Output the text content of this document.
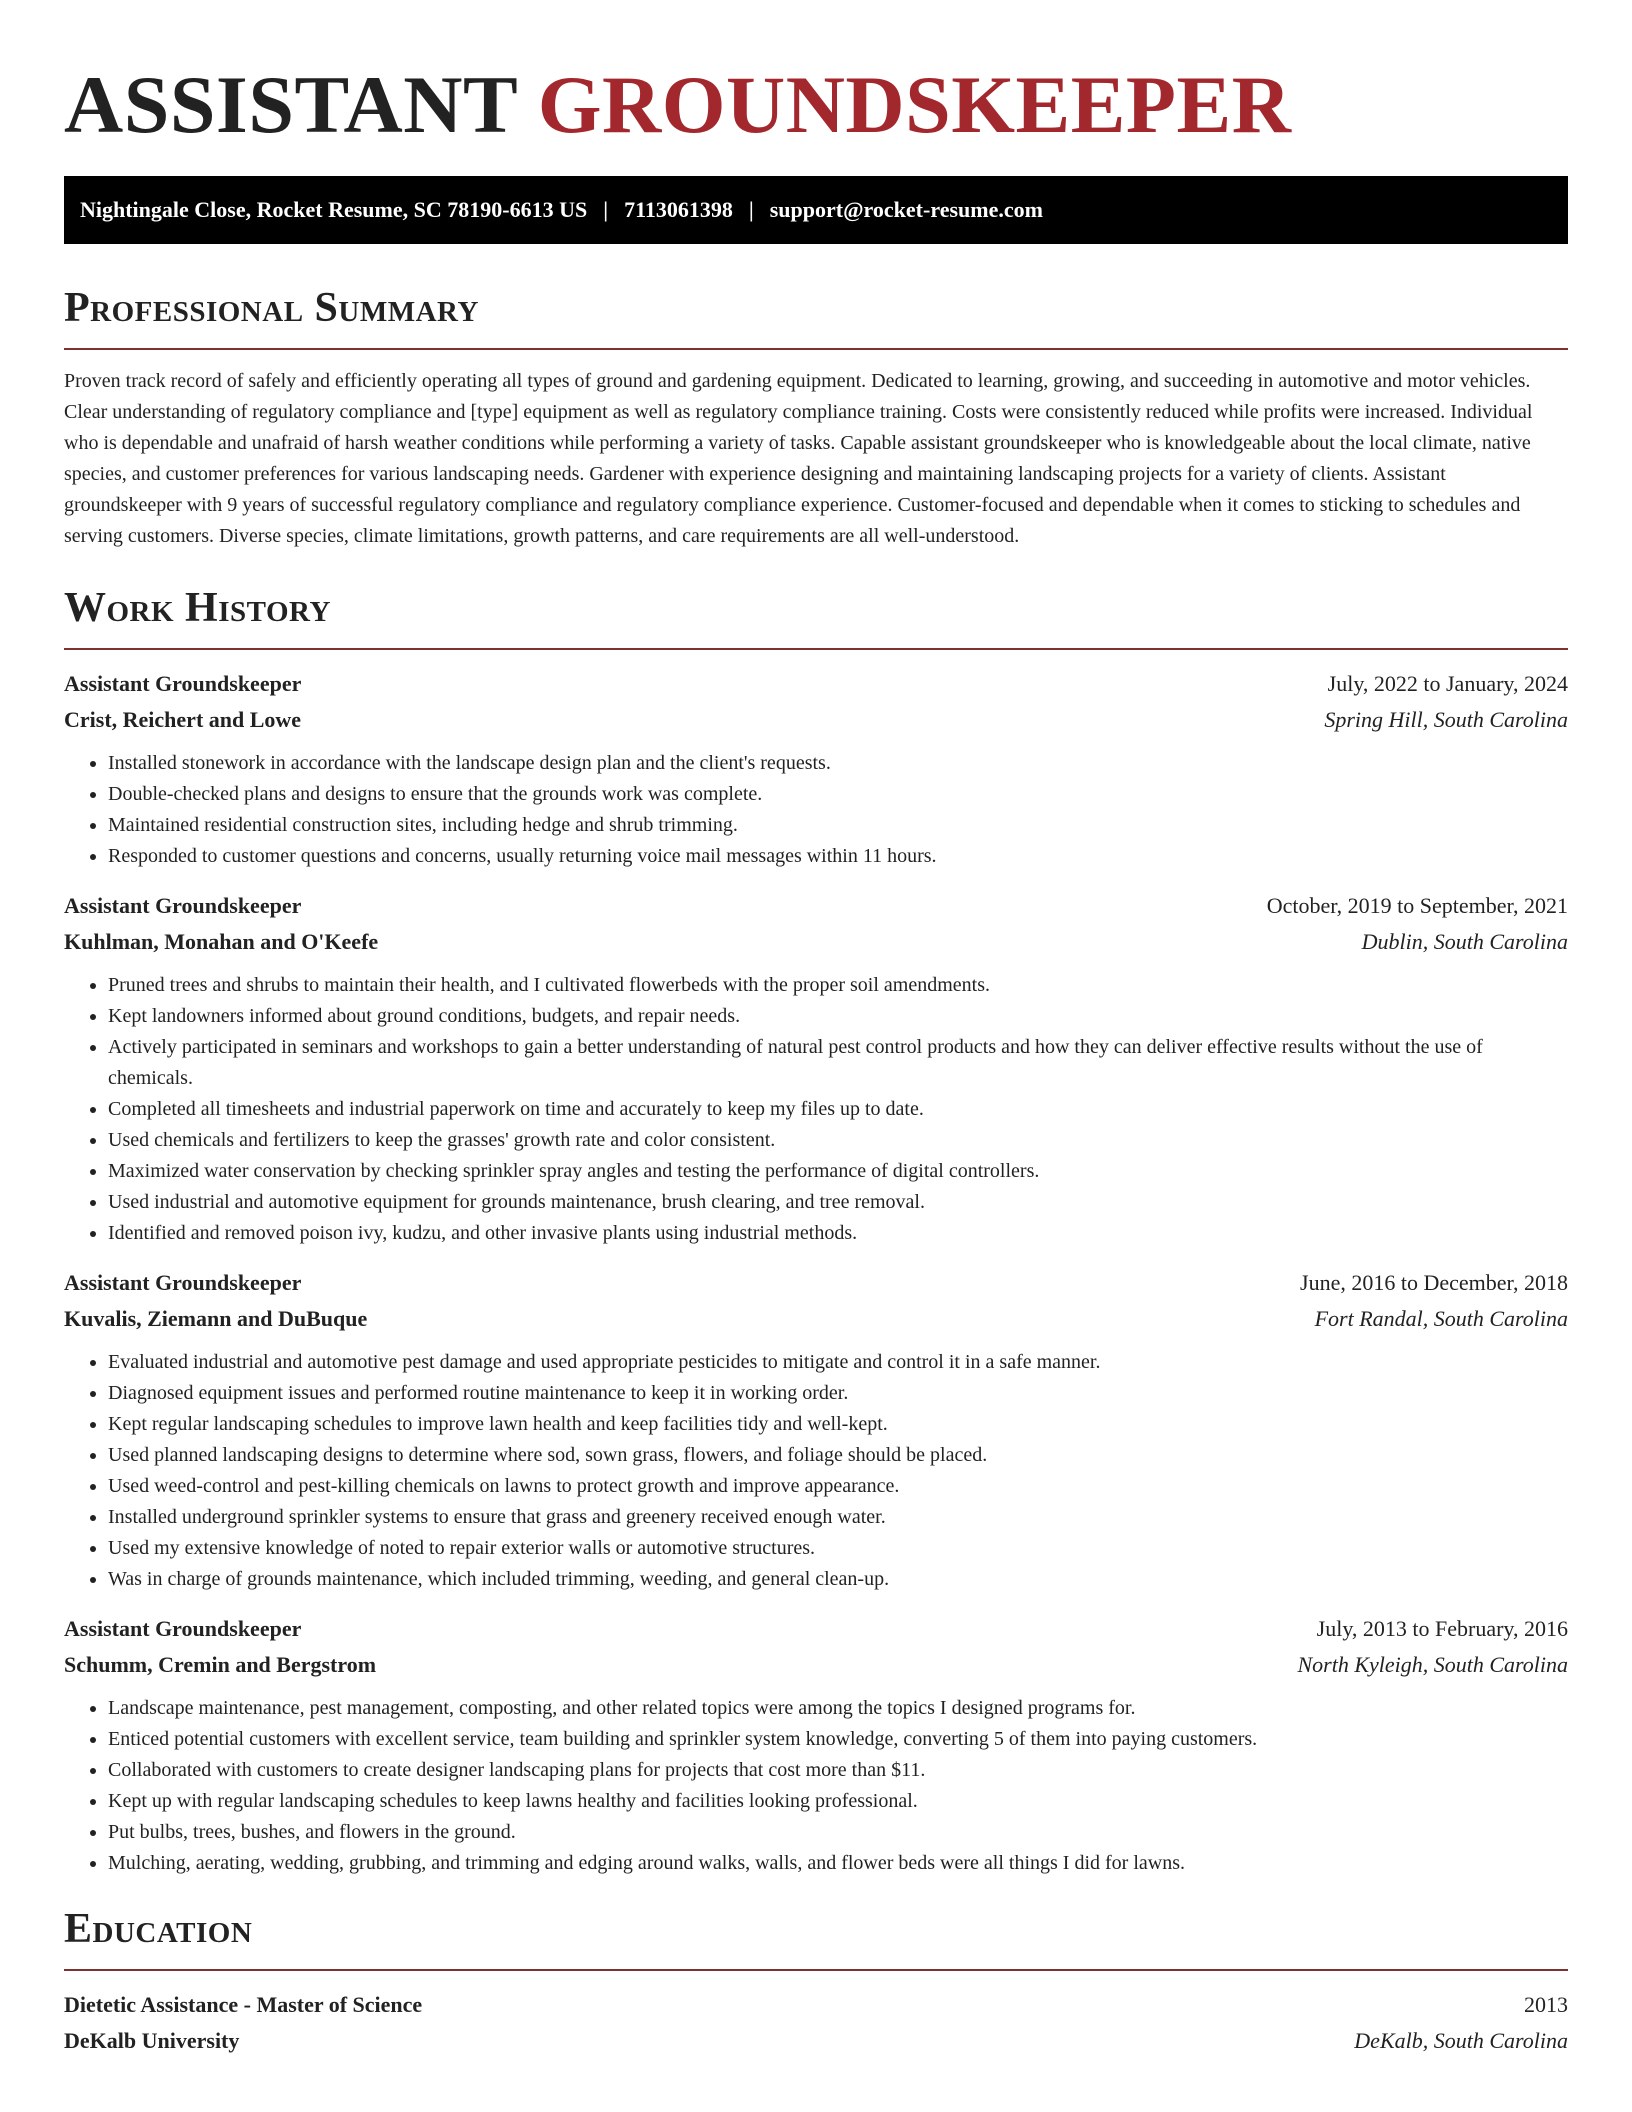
ASSISTANT GROUNDSKEEPER
Nightingale Close, Rocket Resume, SC 78190-6613 US | 7113061398 | support@rocket-resume.com
Professional Summary

Proven track record of safely and efficiently operating all types of ground and gardening equipment. Dedicated to learning, growing, and succeeding in automotive and motor vehicles. Clear understanding of regulatory compliance and [type] equipment as well as regulatory compliance training. Costs were consistently reduced while profits were increased. Individual who is dependable and unafraid of harsh weather conditions while performing a variety of tasks. Capable assistant groundskeeper who is knowledgeable about the local climate, native species, and customer preferences for various landscaping needs. Gardener with experience designing and maintaining landscaping projects for a variety of clients. Assistant groundskeeper with 9 years of successful regulatory compliance and regulatory compliance experience. Customer-focused and dependable when it comes to sticking to schedules and serving customers. Diverse species, climate limitations, growth patterns, and care requirements are all well-understood.

Work History
Assistant Groundskeeper	July, 2022 to January, 2024
Crist, Reichert and Lowe	Spring Hill, South Carolina
• Installed stonework in accordance with the landscape design plan and the client's requests.
• Double-checked plans and designs to ensure that the grounds work was complete.
• Maintained residential construction sites, including hedge and shrub trimming.
• Responded to customer questions and concerns, usually returning voice mail messages within 11 hours.
Assistant Groundskeeper	October, 2019 to September, 2021
Kuhlman, Monahan and O'Keefe	Dublin, South Carolina
• Pruned trees and shrubs to maintain their health, and I cultivated flowerbeds with the proper soil amendments.
• Kept landowners informed about ground conditions, budgets, and repair needs.
• Actively participated in seminars and workshops to gain a better understanding of natural pest control products and how they can deliver effective results without the use of chemicals.
• Completed all timesheets and industrial paperwork on time and accurately to keep my files up to date.
• Used chemicals and fertilizers to keep the grasses' growth rate and color consistent.
• Maximized water conservation by checking sprinkler spray angles and testing the performance of digital controllers.
• Used industrial and automotive equipment for grounds maintenance, brush clearing, and tree removal.
• Identified and removed poison ivy, kudzu, and other invasive plants using industrial methods.
Assistant Groundskeeper	June, 2016 to December, 2018
Kuvalis, Ziemann and DuBuque	Fort Randal, South Carolina
• Evaluated industrial and automotive pest damage and used appropriate pesticides to mitigate and control it in a safe manner.
• Diagnosed equipment issues and performed routine maintenance to keep it in working order.
• Kept regular landscaping schedules to improve lawn health and keep facilities tidy and well-kept.
• Used planned landscaping designs to determine where sod, sown grass, flowers, and foliage should be placed.
• Used weed-control and pest-killing chemicals on lawns to protect growth and improve appearance.
• Installed underground sprinkler systems to ensure that grass and greenery received enough water.
• Used my extensive knowledge of noted to repair exterior walls or automotive structures.
• Was in charge of grounds maintenance, which included trimming, weeding, and general clean-up.
Assistant Groundskeeper	July, 2013 to February, 2016
Schumm, Cremin and Bergstrom	North Kyleigh, South Carolina
• Landscape maintenance, pest management, composting, and other related topics were among the topics I designed programs for.
• Enticed potential customers with excellent service, team building and sprinkler system knowledge, converting 5 of them into paying customers.
• Collaborated with customers to create designer landscaping plans for projects that cost more than $11.
• Kept up with regular landscaping schedules to keep lawns healthy and facilities looking professional.
• Put bulbs, trees, bushes, and flowers in the ground.
• Mulching, aerating, wedding, grubbing, and trimming and edging around walks, walls, and flower beds were all things I did for lawns.
Education
Dietetic Assistance - Master of Science	2013
DeKalb University	DeKalb, South Carolina
